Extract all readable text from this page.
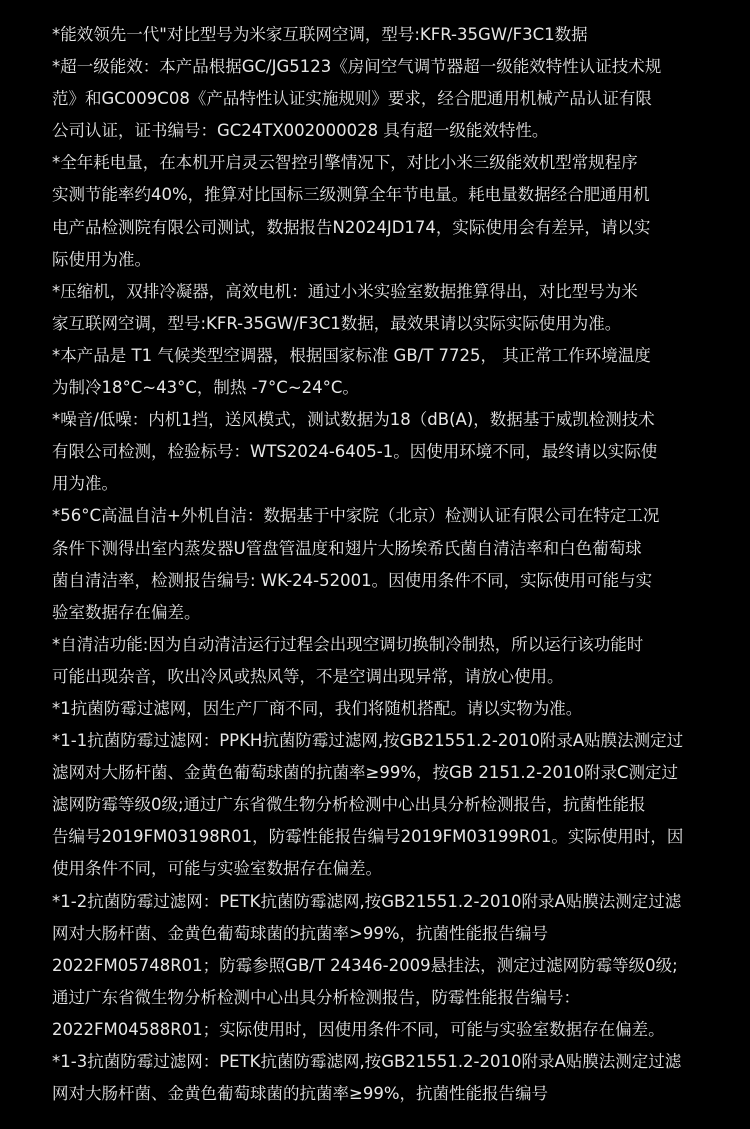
*能效领先一代"对比型号为米家互联网空调，型号:KFR-35GW/F3C1数据
*超一级能效：本产品根据GC/JG5123《房间空气调节器超一级能效特性认证技术规
范》和GC009C08《产品特性认证实施规则》要求，经合肥通用机械产品认证有限
公司认证，证书编号：GC24TX002000028 具有超一级能效特性。
*全年耗电量，在本机开启灵云智控引擎情况下，对比小米三级能效机型常规程序
实测节能率约40%，推算对比国标三级测算全年节电量。耗电量数据经合肥通用机
电产品检测院有限公司测试，数据报告N2024JD174，实际使用会有差异，请以实
际使用为准。
*压缩机，双排冷凝器，高效电机：通过小米实验室数据推算得出，对比型号为米
家互联网空调，型号:KFR-35GW/F3C1数据，最效果请以实际实际使用为准。
*本产品是 T1 气候类型空调器，根据国家标准 GB/T 7725， 其正常工作环境温度
为制冷18°C~43°C，制热 -7°C~24°C。
*噪音/低噪：内机1挡，送风模式，测试数据为18（dB(A)，数据基于威凯检测技术
有限公司检测，检验标号：WTS2024-6405-1。因使用环境不同，最终请以实际使
用为准。
*56°C高温自洁+外机自洁：数据基于中家院（北京）检测认证有限公司在特定工况
条件下测得出室内蒸发器U管盘管温度和翅片大肠埃希氏菌自清洁率和白色葡萄球
菌自清洁率，检测报告编号: WK-24-52001。因使用条件不同，实际使用可能与实
验室数据存在偏差。
*自清洁功能:因为自动清洁运行过程会出现空调切换制冷制热，所以运行该功能时
可能出现杂音，吹出冷风或热风等，不是空调出现异常，请放心使用。
*1抗菌防霉过滤网，因生产厂商不同，我们将随机搭配。请以实物为准。
*1-1抗菌防霉过滤网：PPKH抗菌防霉过滤网,按GB21551.2-2010附录A贴膜法测定过
滤网对大肠杆菌、金黄色葡萄球菌的抗菌率≥99%，按GB 2151.2-2010附录C测定过
滤网防霉等级0级;通过广东省微生物分析检测中心出具分析检测报告，抗菌性能报
告编号2019FM03198R01，防霉性能报告编号2019FM03199R01。实际使用时，因
使用条件不同，可能与实验室数据存在偏差。
*1-2抗菌防霉过滤网：PETK抗菌防霉滤网,按GB21551.2-2010附录A贴膜法测定过滤
网对大肠杆菌、金黄色葡萄球菌的抗菌率>99%，抗菌性能报告编号
2022FM05748R01；防霉参照GB/T 24346-2009悬挂法，测定过滤网防霉等级0级;
通过广东省微生物分析检测中心出具分析检测报告，防霉性能报告编号：
2022FM04588R01；实际使用时，因使用条件不同，可能与实验室数据存在偏差。
*1-3抗菌防霉过滤网：PETK抗菌防霉滤网,按GB21551.2-2010附录A贴膜法测定过滤
网对大肠杆菌、金黄色葡萄球菌的抗菌率≥99%，抗菌性能报告编号
